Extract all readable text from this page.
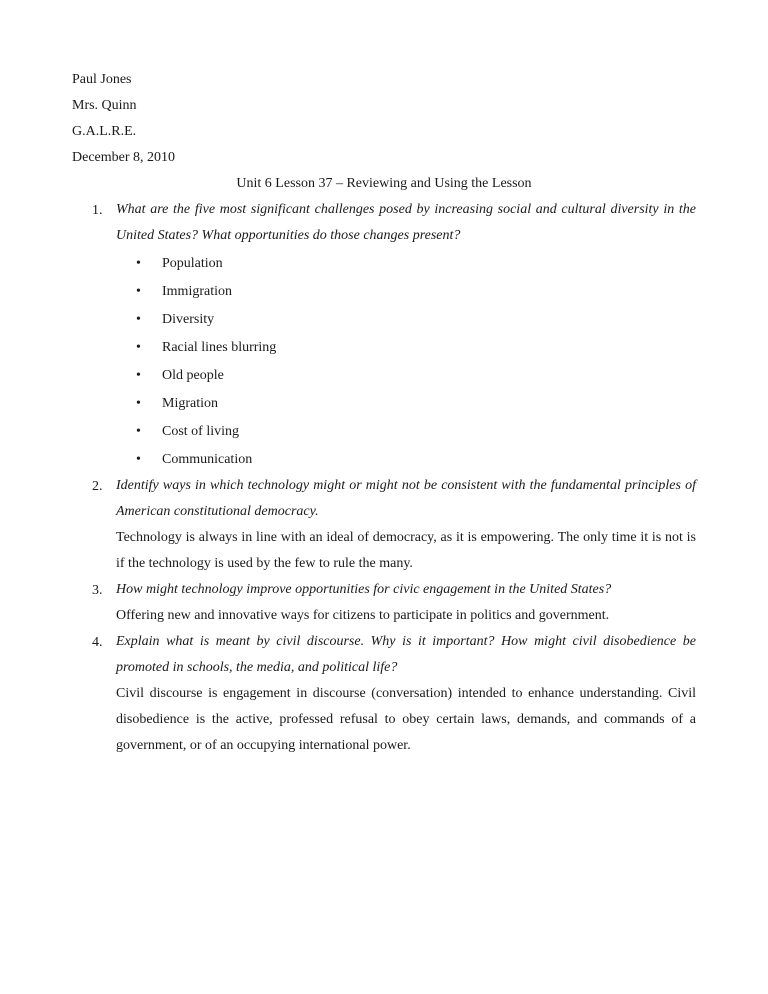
Paul Jones
Mrs. Quinn
G.A.L.R.E.
December 8, 2010
Unit 6 Lesson 37 – Reviewing and Using the Lesson
1. What are the five most significant challenges posed by increasing social and cultural diversity in the United States? What opportunities do those changes present?
• Population
• Immigration
• Diversity
• Racial lines blurring
• Old people
• Migration
• Cost of living
• Communication
2. Identify ways in which technology might or might not be consistent with the fundamental principles of American constitutional democracy.
Technology is always in line with an ideal of democracy, as it is empowering. The only time it is not is if the technology is used by the few to rule the many.
3. How might technology improve opportunities for civic engagement in the United States?
Offering new and innovative ways for citizens to participate in politics and government.
4. Explain what is meant by civil discourse. Why is it important? How might civil disobedience be promoted in schools, the media, and political life?
Civil discourse is engagement in discourse (conversation) intended to enhance understanding. Civil disobedience is the active, professed refusal to obey certain laws, demands, and commands of a government, or of an occupying international power.
